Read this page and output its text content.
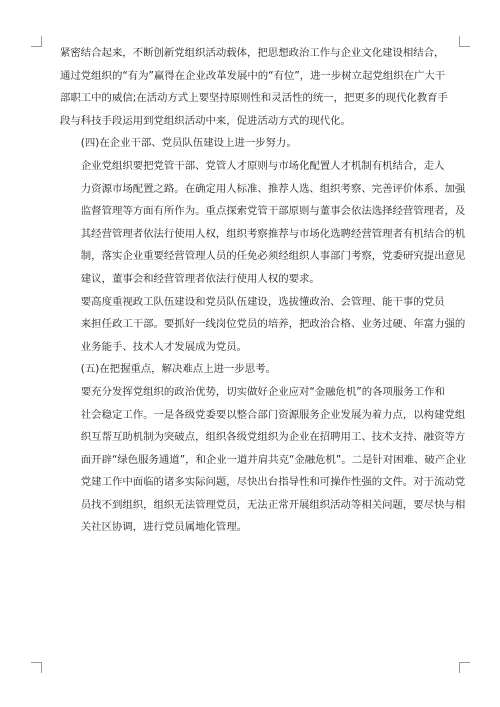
紧密结合起来，不断创新党组织活动载体，把思想政治工作与企业文化建设相结合，
通过党组织的“有为”赢得在企业改革发展中的“有位”，进一步树立起党组织在广大干
部职工中的威信;在活动方式上要坚持原则性和灵活性的统一，把更多的现代化教育手
段与科技手段运用到党组织活动中来，促进活动方式的现代化。

(四)在企业干部、党员队伍建设上进一步努力。

企业党组织要把党管干部、党管人才原则与市场化配置人才机制有机结合，走人
力资源市场配置之路。在确定用人标准、推荐人选、组织考察、完善评价体系、加强
监督管理等方面有所作为。重点探索党管干部原则与董事会依法选择经营管理者，及
其经营管理者依法行使用人权，组织考察推荐与市场化选聘经营管理者有机结合的机
制，落实企业重要经营管理人员的任免必须经组织人事部门考察，党委研究提出意见
建议，董事会和经营管理者依法行使用人权的要求。

要高度重视政工队伍建设和党员队伍建设，选拔懂政治、会管理、能干事的党员
来担任政工干部。要抓好一线岗位党员的培养，把政治合格、业务过硬、年富力强的
业务能手、技术人才发展成为党员。

(五)在把握重点，解决难点上进一步思考。

要充分发挥党组织的政治优势，切实做好企业应对“金融危机”的各项服务工作和
社会稳定工作。一是各级党委要以整合部门资源服务企业发展为着力点，以构建党组
织互帮互助机制为突破点，组织各级党组织为企业在招聘用工、技术支持、融资等方
面开辟“绿色服务通道”，和企业一道并肩共克“金融危机”。二是针对困难、破产企业
党建工作中面临的诸多实际问题，尽快出台指导性和可操作性强的文件。对于流动党
员找不到组织，组织无法管理党员，无法正常开展组织活动等相关问题，要尽快与相
关社区协调，进行党员属地化管理。
